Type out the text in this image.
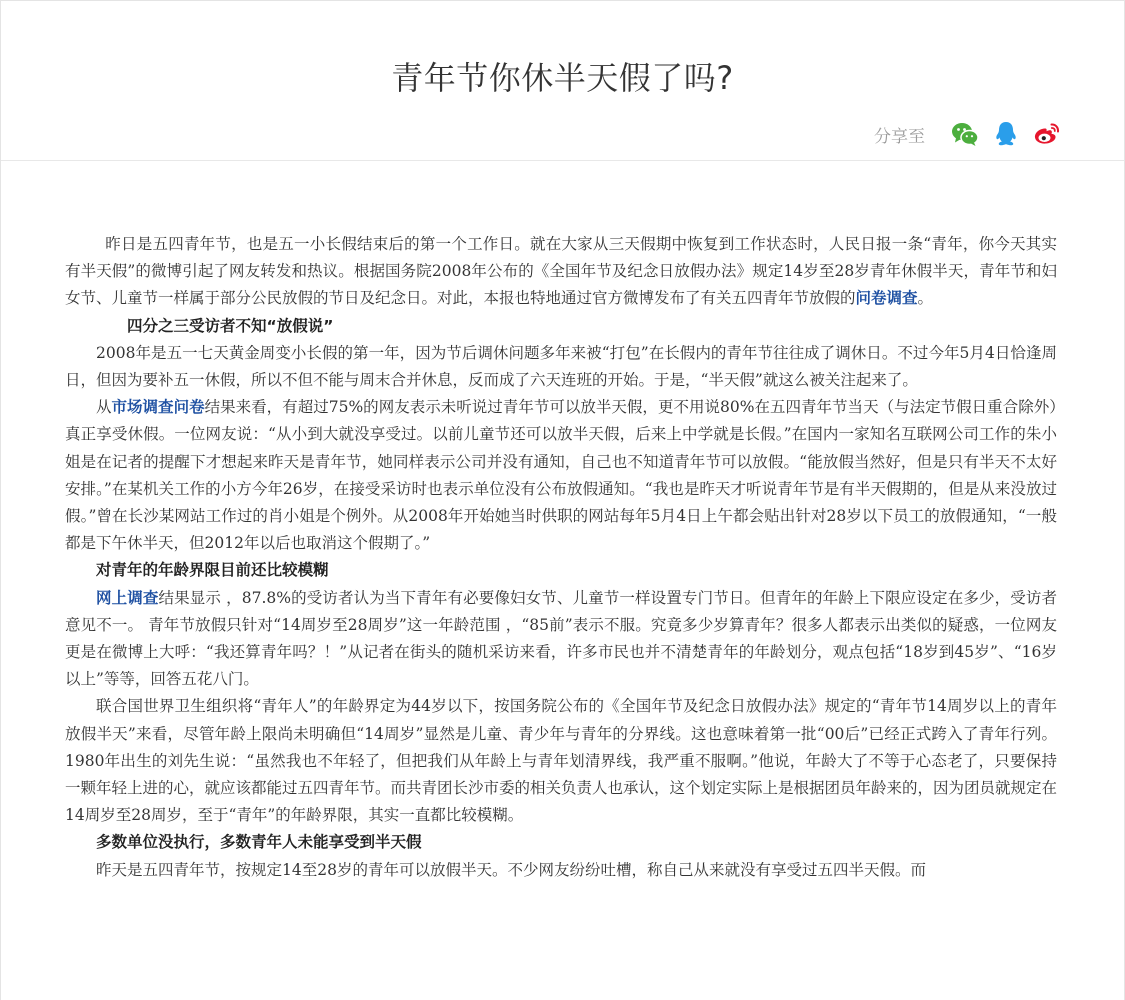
青年节你休半天假了吗?
分享至

昨日是五四青年节，也是五一小长假结束后的第一个工作日。就在大家从三天假期中恢复到工作状态时，人民日报一条“青年，你今天其实有半天假”的微博引起了网友转发和热议。根据国务院2008年公布的《全国年节及纪念日放假办法》规定14岁至28岁青年休假半天，青年节和妇女节、儿童节一样属于部分公民放假的节日及纪念日。对此，本报也特地通过官方微博发布了有关五四青年节放假的问卷调查。

四分之三受访者不知“放假说”

2008年是五一七天黄金周变小长假的第一年，因为节后调休问题多年来被“打包”在长假内的青年节往往成了调休日。不过今年5月4日恰逢周日，但因为要补五一休假，所以不但不能与周末合并休息，反而成了六天连班的开始。于是，“半天假”就这么被关注起来了。

从市场调查问卷结果来看，有超过75%的网友表示未听说过青年节可以放半天假，更不用说80%在五四青年节当天（与法定节假日重合除外）真正享受休假。一位网友说：“从小到大就没享受过。以前儿童节还可以放半天假，后来上中学就是长假。”在国内一家知名互联网公司工作的朱小姐是在记者的提醒下才想起来昨天是青年节，她同样表示公司并没有通知，自己也不知道青年节可以放假。“能放假当然好，但是只有半天不太好安排。”在某机关工作的小方今年26岁，在接受采访时也表示单位没有公布放假通知。“我也是昨天才听说青年节是有半天假期的，但是从来没放过假。”曾在长沙某网站工作过的肖小姐是个例外。从2008年开始她当时供职的网站每年5月4日上午都会贴出针对28岁以下员工的放假通知，“一般都是下午休半天，但2012年以后也取消这个假期了。”

对青年的年龄界限目前还比较模糊

网上调查结果显示 ，87.8%的受访者认为当下青年有必要像妇女节、儿童节一样设置专门节日。但青年的年龄上下限应设定在多少，受访者意见不一。 青年节放假只针对“14周岁至28周岁”这一年龄范围 ，“85前”表示不服。究竟多少岁算青年？很多人都表示出类似的疑惑，一位网友更是在微博上大呼：“我还算青年吗？！”从记者在街头的随机采访来看，许多市民也并不清楚青年的年龄划分，观点包括“18岁到45岁”、“16岁以上”等等，回答五花八门。

联合国世界卫生组织将“青年人”的年龄界定为44岁以下，按国务院公布的《全国年节及纪念日放假办法》规定的“青年节14周岁以上的青年放假半天”来看，尽管年龄上限尚未明确但“14周岁”显然是儿童、青少年与青年的分界线。这也意味着第一批“00后”已经正式跨入了青年行列。1980年出生的刘先生说：“虽然我也不年轻了，但把我们从年龄上与青年划清界线，我严重不服啊。”他说，年龄大了不等于心态老了，只要保持一颗年轻上进的心，就应该都能过五四青年节。而共青团长沙市委的相关负责人也承认，这个划定实际上是根据团员年龄来的，因为团员就规定在14周岁至28周岁，至于“青年”的年龄界限，其实一直都比较模糊。

多数单位没执行，多数青年人未能享受到半天假

昨天是五四青年节，按规定14至28岁的青年可以放假半天。不少网友纷纷吐槽，称自己从来就没有享受过五四半天假。而
